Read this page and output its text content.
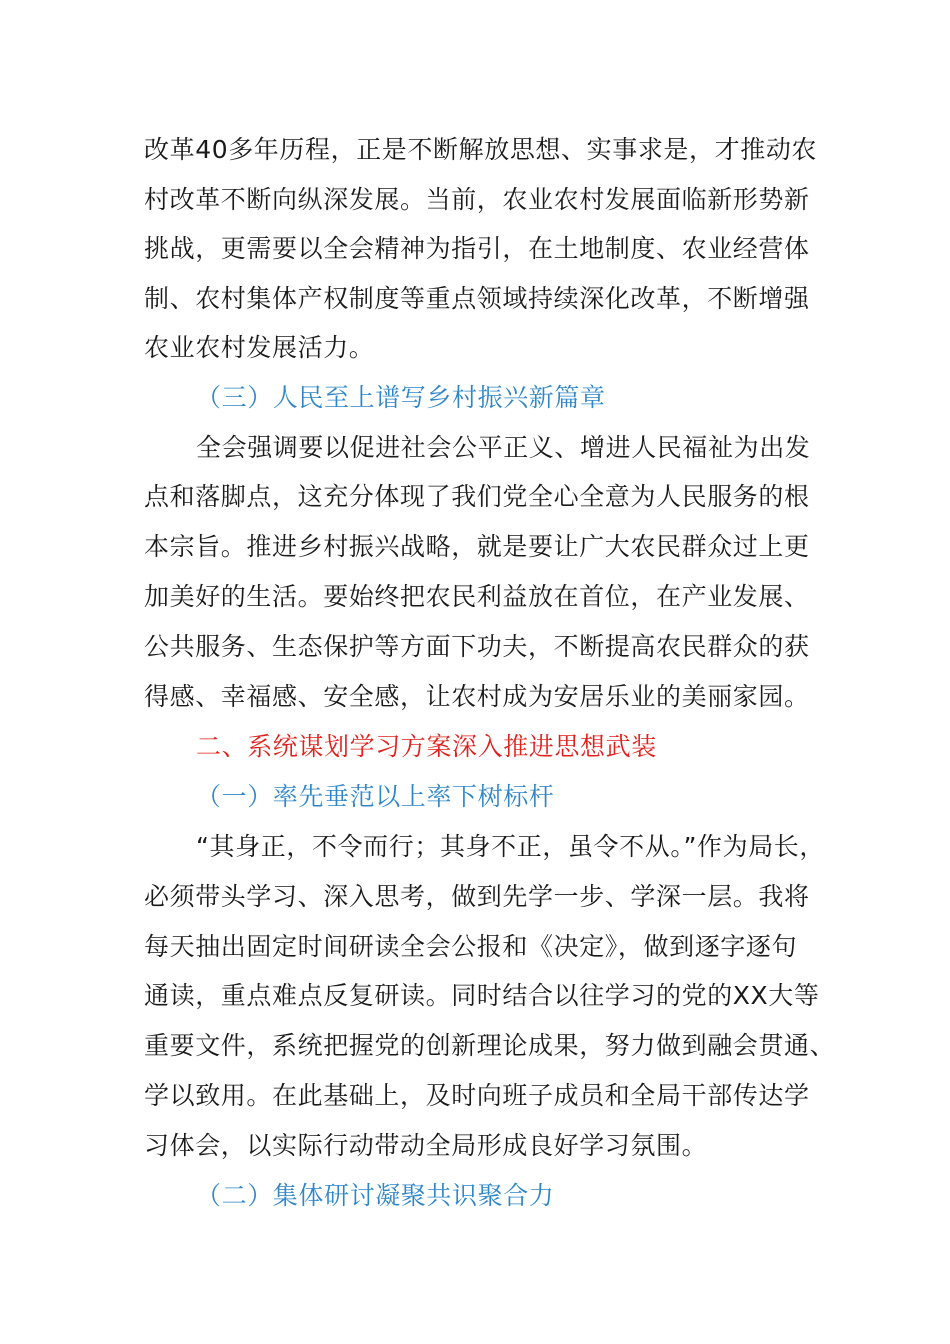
改革40多年历程，正是不断解放思想、实事求是，才推动农
村改革不断向纵深发展。当前，农业农村发展面临新形势新
挑战，更需要以全会精神为指引，在土地制度、农业经营体
制、农村集体产权制度等重点领域持续深化改革，不断增强
农业农村发展活力。
（三）人民至上谱写乡村振兴新篇章
全会强调要以促进社会公平正义、增进人民福祉为出发
点和落脚点，这充分体现了我们党全心全意为人民服务的根
本宗旨。推进乡村振兴战略，就是要让广大农民群众过上更
加美好的生活。要始终把农民利益放在首位，在产业发展、
公共服务、生态保护等方面下功夫，不断提高农民群众的获
得感、幸福感、安全感，让农村成为安居乐业的美丽家园。
二、系统谋划学习方案深入推进思想武装
（一）率先垂范以上率下树标杆
“其身正，不令而行；其身不正，虽令不从。”作为局长，
必须带头学习、深入思考，做到先学一步、学深一层。我将
每天抽出固定时间研读全会公报和《决定》，做到逐字逐句
通读，重点难点反复研读。同时结合以往学习的党的XX大等
重要文件，系统把握党的创新理论成果，努力做到融会贯通、
学以致用。在此基础上，及时向班子成员和全局干部传达学
习体会，以实际行动带动全局形成良好学习氛围。
（二）集体研讨凝聚共识聚合力
